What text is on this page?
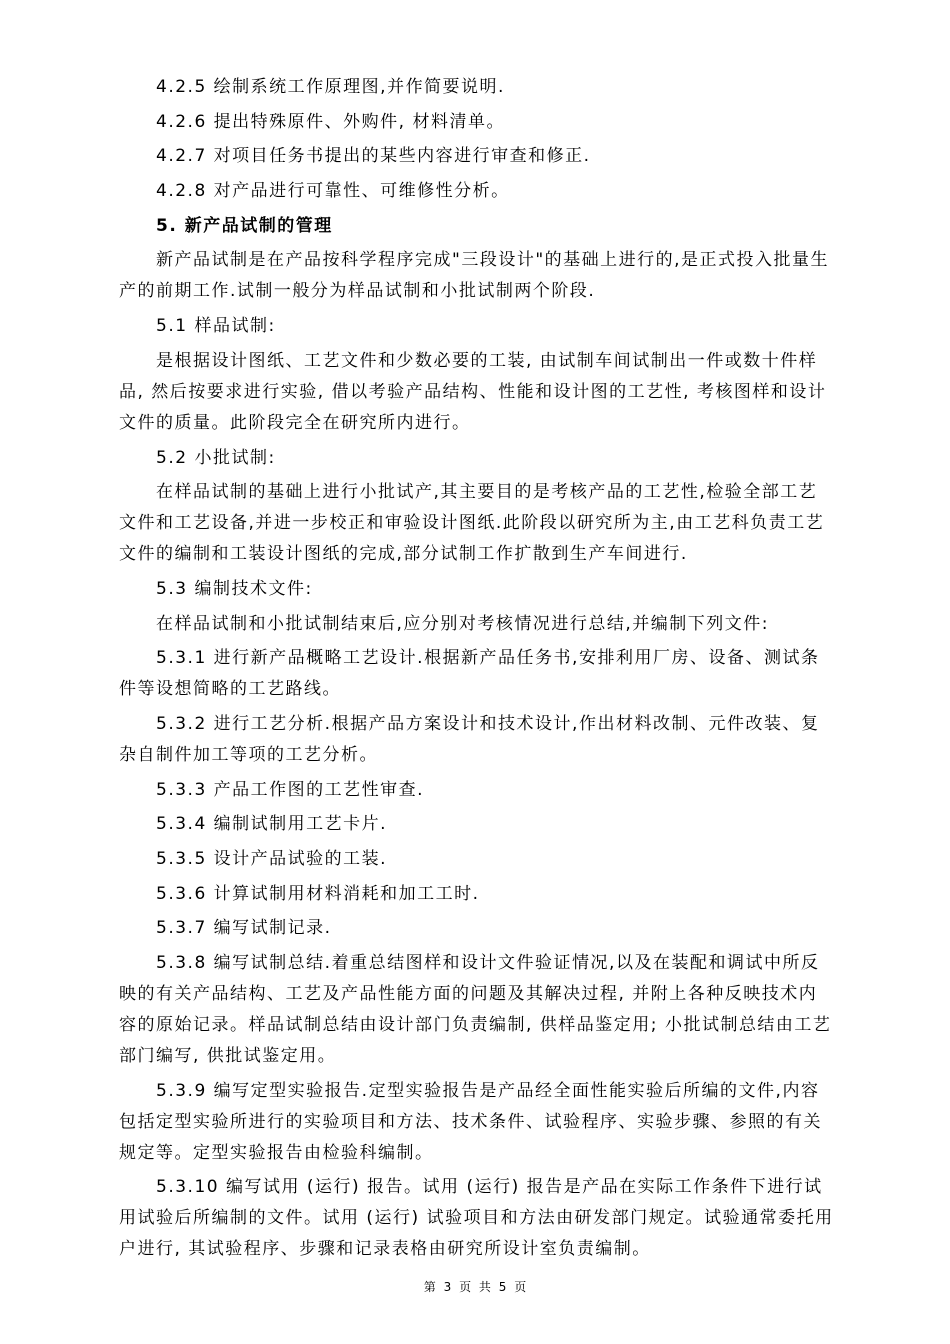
4.2.5 绘制系统工作原理图,并作简要说明.

4.2.6 提出特殊原件、外购件, 材料清单。

4.2.7 对项目任务书提出的某些内容进行审查和修正.

4.2.8 对产品进行可靠性、可维修性分析。

5. 新产品试制的管理

新产品试制是在产品按科学程序完成"三段设计"的基础上进行的,是正式投入批量生产的前期工作.试制一般分为样品试制和小批试制两个阶段.

5.1 样品试制:

是根据设计图纸、工艺文件和少数必要的工装, 由试制车间试制出一件或数十件样品, 然后按要求进行实验, 借以考验产品结构、性能和设计图的工艺性, 考核图样和设计文件的质量。此阶段完全在研究所内进行。

5.2 小批试制:

在样品试制的基础上进行小批试产,其主要目的是考核产品的工艺性,检验全部工艺文件和工艺设备,并进一步校正和审验设计图纸.此阶段以研究所为主,由工艺科负责工艺文件的编制和工装设计图纸的完成,部分试制工作扩散到生产车间进行.

5.3 编制技术文件:

在样品试制和小批试制结束后,应分别对考核情况进行总结,并编制下列文件:

5.3.1 进行新产品概略工艺设计.根据新产品任务书,安排利用厂房、设备、测试条件等设想简略的工艺路线。

5.3.2 进行工艺分析.根据产品方案设计和技术设计,作出材料改制、元件改装、复杂自制件加工等项的工艺分析。

5.3.3 产品工作图的工艺性审查.

5.3.4 编制试制用工艺卡片.

5.3.5 设计产品试验的工装.

5.3.6 计算试制用材料消耗和加工工时.

5.3.7 编写试制记录.

5.3.8 编写试制总结.着重总结图样和设计文件验证情况,以及在装配和调试中所反映的有关产品结构、工艺及产品性能方面的问题及其解决过程, 并附上各种反映技术内容的原始记录。样品试制总结由设计部门负责编制, 供样品鉴定用; 小批试制总结由工艺部门编写, 供批试鉴定用。

5.3.9 编写定型实验报告.定型实验报告是产品经全面性能实验后所编的文件,内容包括定型实验所进行的实验项目和方法、技术条件、试验程序、实验步骤、参照的有关规定等。定型实验报告由检验科编制。

5.3.10 编写试用 (运行) 报告。试用 (运行) 报告是产品在实际工作条件下进行试用试验后所编制的文件。试用 (运行) 试验项目和方法由研发部门规定。试验通常委托用户进行, 其试验程序、步骤和记录表格由研究所设计室负责编制。

第 3 页 共 5 页
